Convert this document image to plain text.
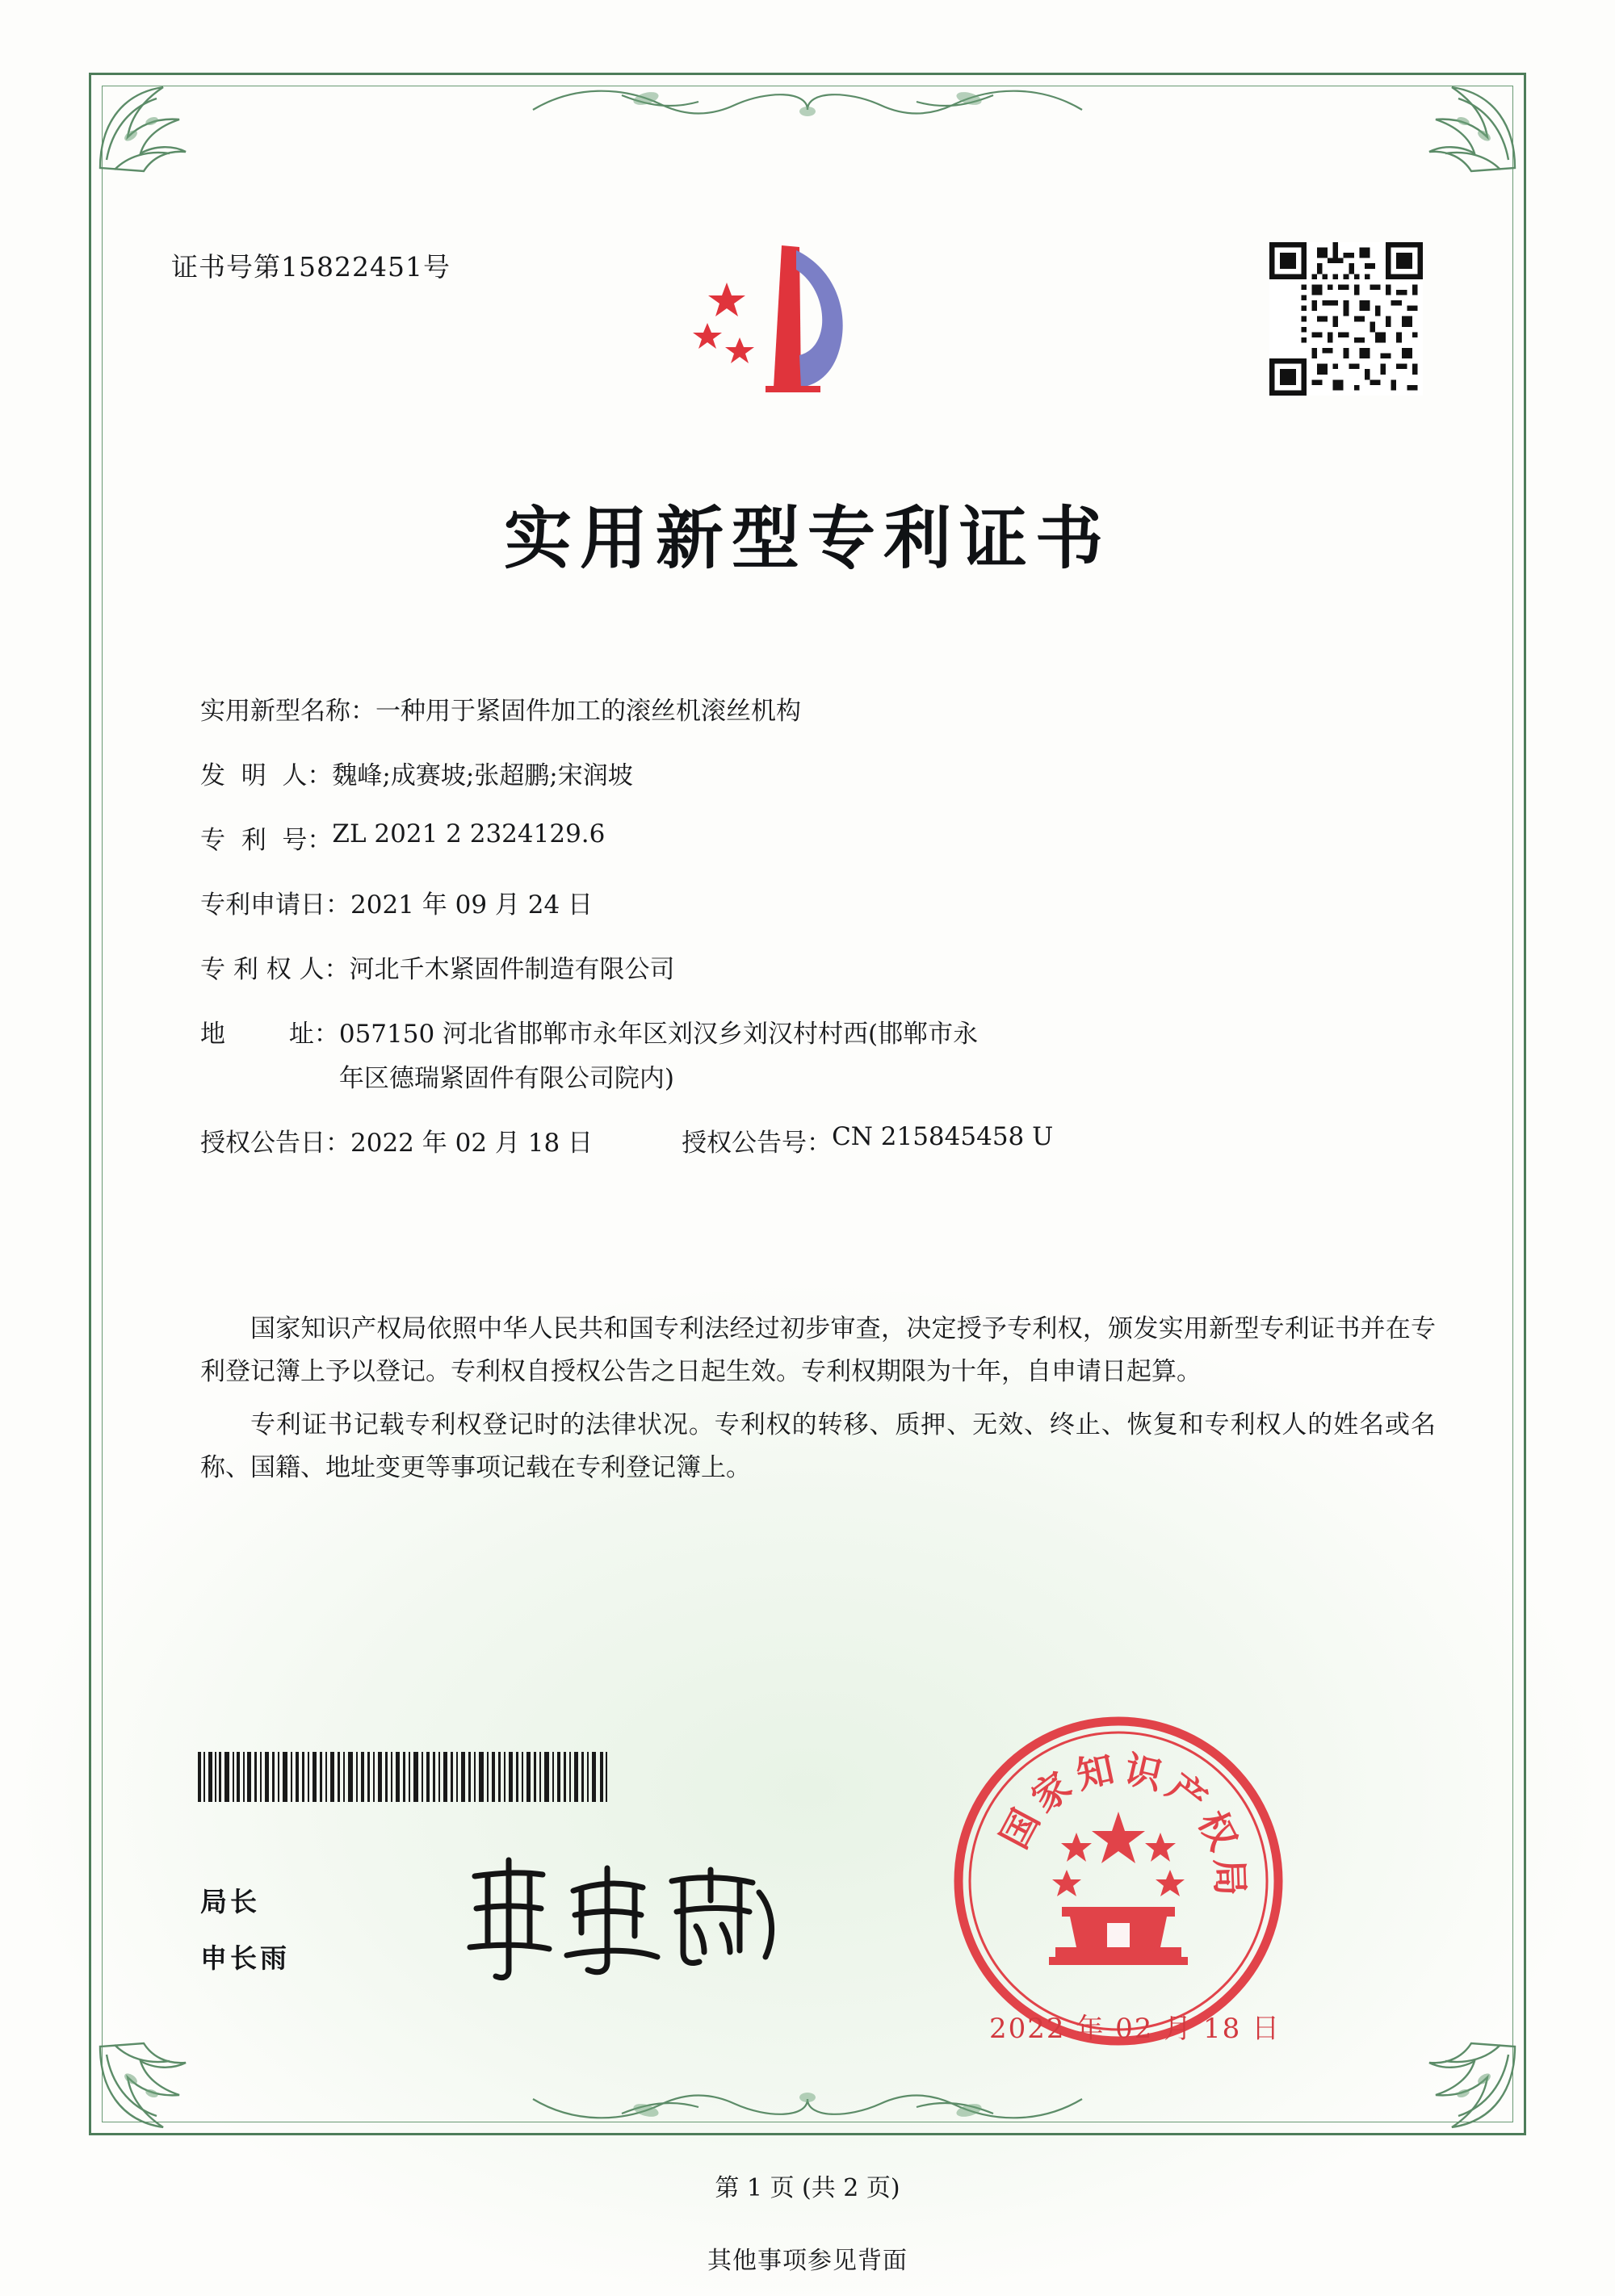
证书号第15822451号
实用新型专利证书
实用新型名称： 一种用于紧固件加工的滚丝机滚丝机构
发  明  人： 魏峰;成赛坡;张超鹏;宋润坡
专  利  号： ZL 2021 2 2324129.6
专利申请日： 2021 年 09 月 24 日
专 利 权 人： 河北千木紧固件制造有限公司
地        址： 057150 河北省邯郸市永年区刘汉乡刘汉村村西(邯郸市永
年区德瑞紧固件有限公司院内)
授权公告日： 2022 年 02 月 18 日	授权公告号： CN 215845458 U

国家知识产权局依照中华人民共和国专利法经过初步审查，决定授予专利权，颁发实用新型专利证书并在专利登记簿上予以登记。专利权自授权公告之日起生效。专利权期限为十年，自申请日起算。

专利证书记载专利权登记时的法律状况。专利权的转移、质押、无效、终止、恢复和专利权人的姓名或名称、国籍、地址变更等事项记载在专利登记簿上。

局长
申长雨
国
家
知 识
产
权
局
2022 年 02 月 18 日
第 1 页 (共 2 页)
其他事项参见背面
